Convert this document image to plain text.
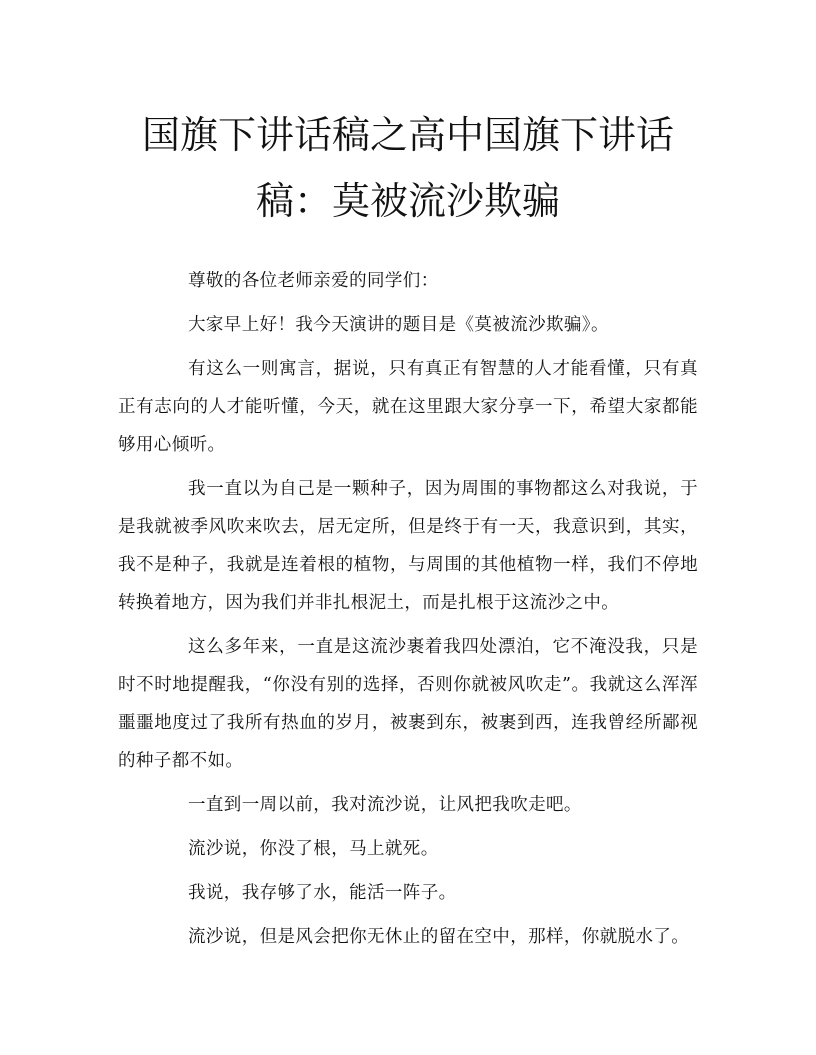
国旗下讲话稿之高中国旗下讲话稿：莫被流沙欺骗

尊敬的各位老师亲爱的同学们：

大家早上好！我今天演讲的题目是《莫被流沙欺骗》。

有这么一则寓言，据说，只有真正有智慧的人才能看懂，只有真正有志向的人才能听懂，今天，就在这里跟大家分享一下，希望大家都能够用心倾听。

我一直以为自己是一颗种子，因为周围的事物都这么对我说，于是我就被季风吹来吹去，居无定所，但是终于有一天，我意识到，其实，我不是种子，我就是连着根的植物，与周围的其他植物一样，我们不停地转换着地方，因为我们并非扎根泥土，而是扎根于这流沙之中。

这么多年来，一直是这流沙裹着我四处漂泊，它不淹没我，只是时不时地提醒我，“你没有别的选择，否则你就被风吹走”。我就这么浑浑噩噩地度过了我所有热血的岁月，被裹到东，被裹到西，连我曾经所鄙视的种子都不如。

一直到一周以前，我对流沙说，让风把我吹走吧。

流沙说，你没了根，马上就死。

我说，我存够了水，能活一阵子。

流沙说，但是风会把你无休止的留在空中，那样，你就脱水了。
